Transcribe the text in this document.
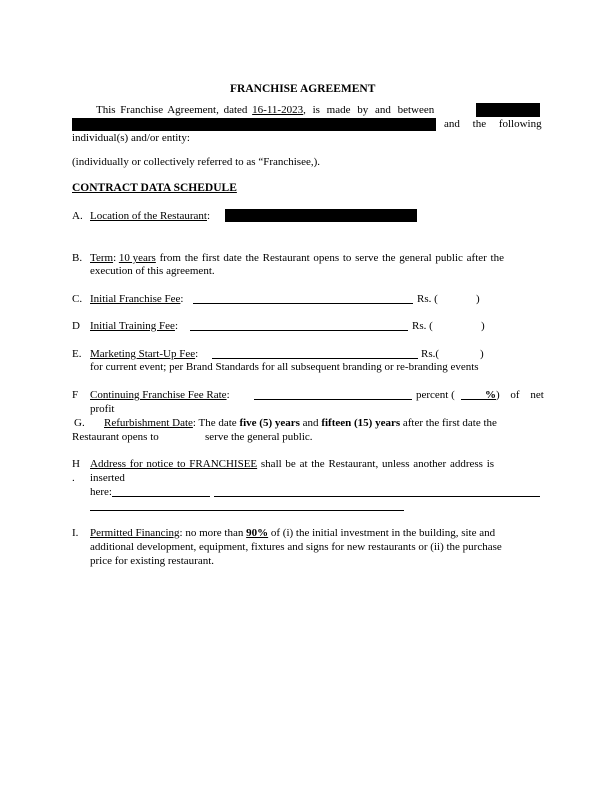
FRANCHISE AGREEMENT
This Franchise Agreement, dated 16-11-2023, is made by and between
and the following
individual(s) and/or entity:
(individually or collectively referred to as “Franchisee,).
CONTRACT DATA SCHEDULE
A. Location of the Restaurant:
B. Term: 10 years from the first date the Restaurant opens to serve the general public after the
execution of this agreement.
C. Initial Franchise Fee:	Rs. (	)
D Initial Training Fee:	Rs. (	)
E. Marketing Start-Up Fee:	Rs.(	)
for current event; per Brand Standards for all subsequent branding or re-branding events
F Continuing Franchise Fee Rate:	percent (	%) of net
profit
G. Refurbishment Date: The date five (5) years and fifteen (15) years after the first date the
Restaurant opens to	serve the general public.
H
.
Address for notice to FRANCHISEE shall be at the Restaurant, unless another address is
inserted
here:
I. Permitted Financing: no more than 90% of (i) the initial investment in the building, site and
additional development, equipment, fixtures and signs for new restaurants or (ii) the purchase
price for existing restaurant.
